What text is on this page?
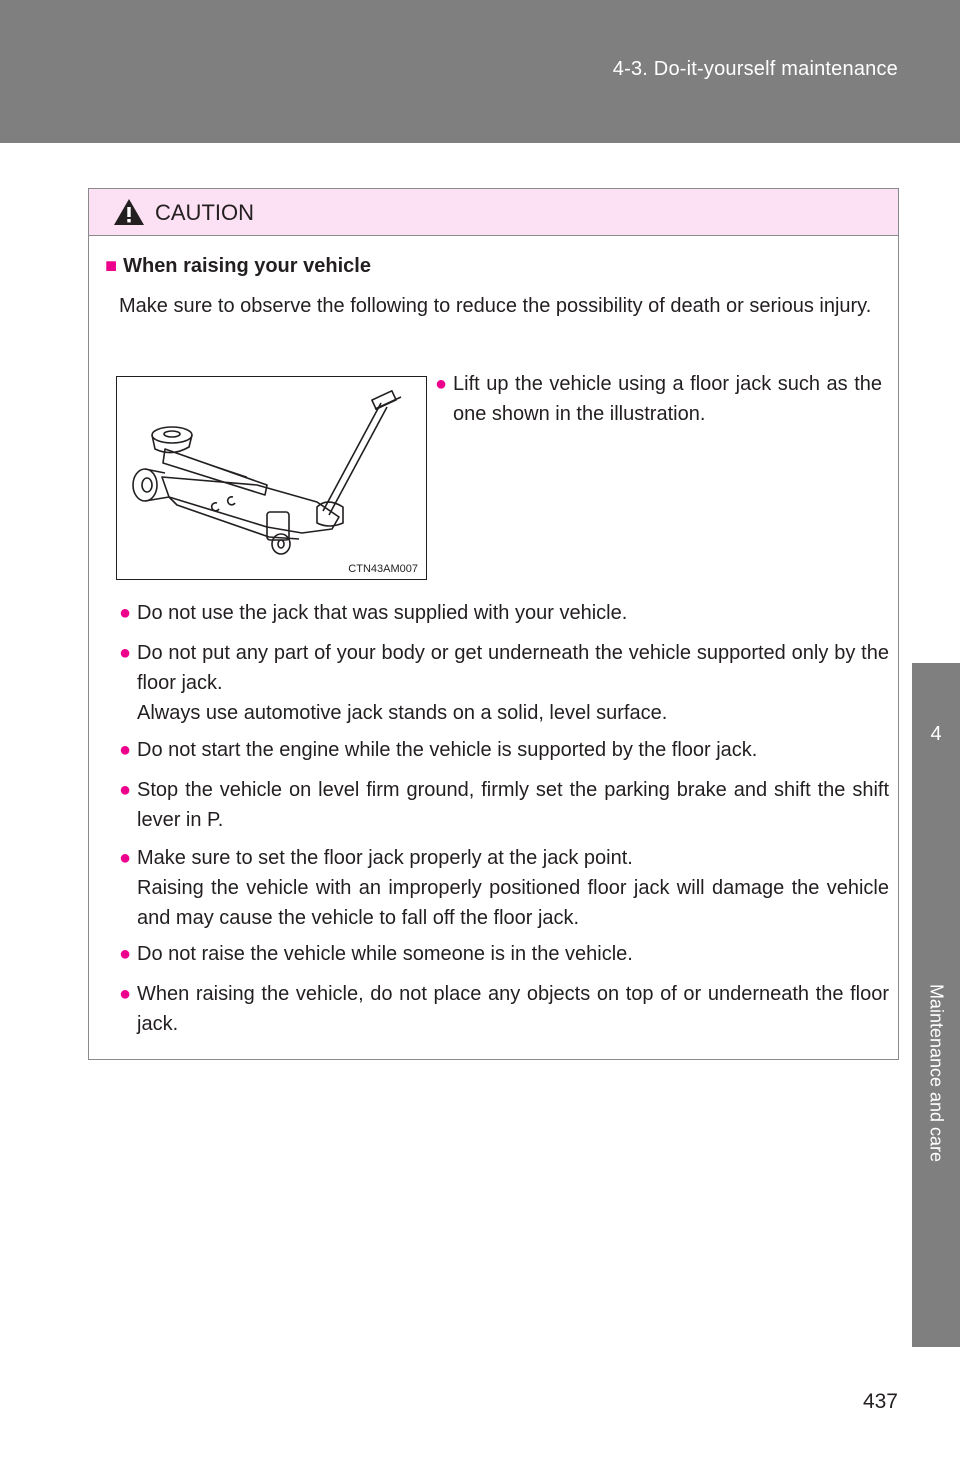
4-3. Do-it-yourself maintenance
4
Maintenance and care
CAUTION
■ When raising your vehicle
Make sure to observe the following to reduce the possibility of death or serious injury.
CTN43AM007
● Lift up the vehicle using a floor jack such as the one shown in the illustration.
● Do not use the jack that was supplied with your vehicle.
● Do not put any part of your body or get underneath the vehicle supported only by the floor jack.
Always use automotive jack stands on a solid, level surface.
● Do not start the engine while the vehicle is supported by the floor jack.
● Stop the vehicle on level firm ground, firmly set the parking brake and shift the shift lever in P.
● Make sure to set the floor jack properly at the jack point.
Raising the vehicle with an improperly positioned floor jack will damage the vehicle and may cause the vehicle to fall off the floor jack.
● Do not raise the vehicle while someone is in the vehicle.
● When raising the vehicle, do not place any objects on top of or underneath the floor jack.
437
